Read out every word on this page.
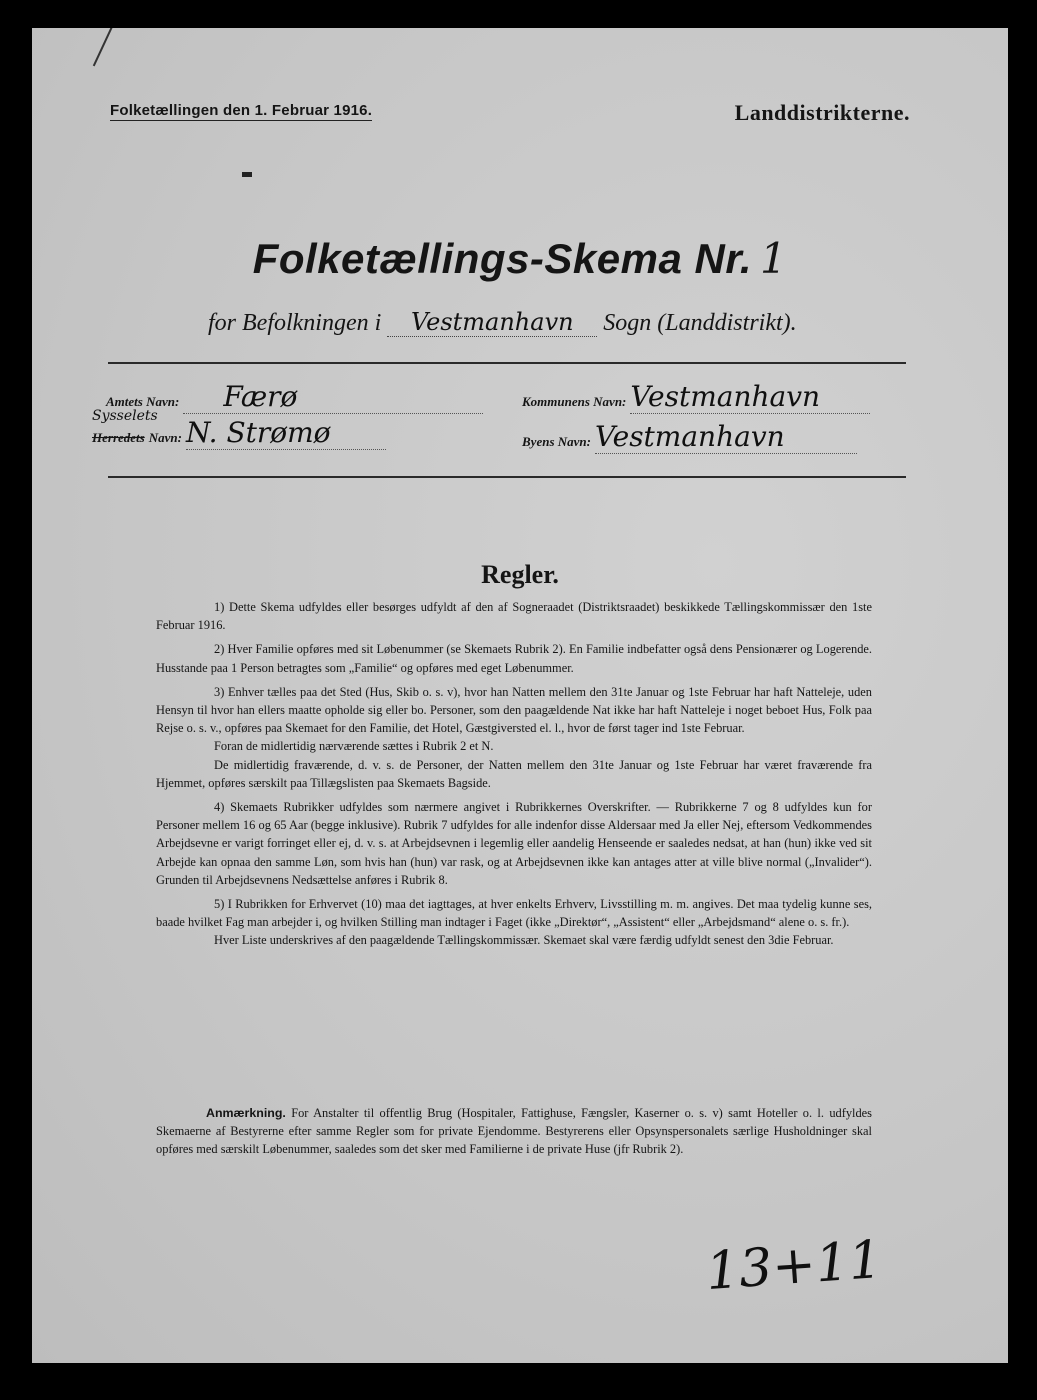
Folketællingen den 1. Februar 1916.	Landdistrikterne.
Folketællings-Skema Nr. 1
for Befolkningen i Vestmanhavn Sogn (Landdistrikt).
Amtets Navn: Færø	Kommunens Navn: Vestmanhavn
Sysselets
Herredets Navn: N. Strømø	Byens Navn: Vestmanhavn
Regler.

1) Dette Skema udfyldes eller besørges udfyldt af den af Sogneraadet (Distriktsraadet) beskikkede Tællingskommissær den 1ste Februar 1916.

2) Hver Familie opføres med sit Løbenummer (se Skemaets Rubrik 2). En Familie indbefatter også dens Pensionærer og Logerende. Husstande paa 1 Person betragtes som „Familie“ og opføres med eget Løbenummer.

3) Enhver tælles paa det Sted (Hus, Skib o. s. v), hvor han Natten mellem den 31te Januar og 1ste Februar har haft Natteleje, uden Hensyn til hvor han ellers maatte opholde sig eller bo. Personer, som den paagældende Nat ikke har haft Natteleje i noget beboet Hus, Folk paa Rejse o. s. v., opføres paa Skemaet for den Familie, det Hotel, Gæstgiversted el. l., hvor de først tager ind 1ste Februar.

Foran de midlertidig nærværende sættes i Rubrik 2 et N.

De midlertidig fraværende, d. v. s. de Personer, der Natten mellem den 31te Januar og 1ste Februar har været fraværende fra Hjemmet, opføres særskilt paa Tillægslisten paa Skemaets Bagside.

4) Skemaets Rubrikker udfyldes som nærmere angivet i Rubrikkernes Overskrifter. — Rubrikkerne 7 og 8 udfyldes kun for Personer mellem 16 og 65 Aar (begge inklusive). Rubrik 7 udfyldes for alle indenfor disse Aldersaar med Ja eller Nej, eftersom Vedkommendes Arbejdsevne er varigt forringet eller ej, d. v. s. at Arbejdsevnen i legemlig eller aandelig Henseende er saaledes nedsat, at han (hun) ikke ved sit Arbejde kan opnaa den samme Løn, som hvis han (hun) var rask, og at Arbejdsevnen ikke kan antages atter at ville blive normal („Invalider“). Grunden til Arbejdsevnens Nedsættelse anføres i Rubrik 8.

5) I Rubrikken for Erhvervet (10) maa det iagttages, at hver enkelts Erhverv, Livsstilling m. m. angives. Det maa tydelig kunne ses, baade hvilket Fag man arbejder i, og hvilken Stilling man indtager i Faget (ikke „Direktør“, „Assistent“ eller „Arbejdsmand“ alene o. s. fr.).

Hver Liste underskrives af den paagældende Tællingskommissær. Skemaet skal være færdig udfyldt senest den 3die Februar.

Anmærkning. For Anstalter til offentlig Brug (Hospitaler, Fattighuse, Fængsler, Kaserner o. s. v) samt Hoteller o. l. udfyldes Skemaerne af Bestyrerne efter samme Regler som for private Ejendomme. Bestyrerens eller Opsynspersonalets særlige Husholdninger skal opføres med særskilt Løbenummer, saaledes som det sker med Familierne i de private Huse (jfr Rubrik 2).

13+11
